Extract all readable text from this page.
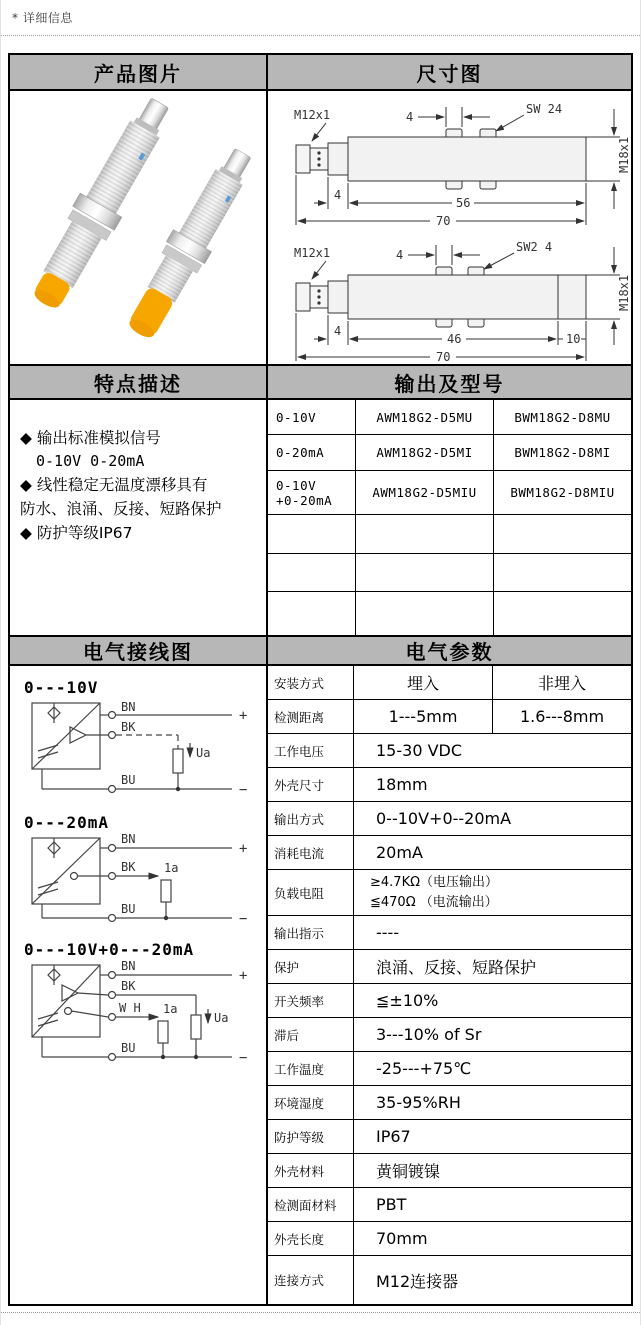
* 详细信息
产品图片	尺寸图
M12x1	4
SW 24
M18x1
4
56
70
M12x1	4
SW2 4
M18x1
4
46	10
70
特点描述	输出及型号
◆ 输出标准模拟信号
0-10V 0-20mA
◆ 线性稳定无温度漂移具有
防水、浪涌、反接、短路保护
◆ 防护等级IP67
0-10V	AWM18G2-D5MU	BWM18G2-D8MU
0-20mA	AWM18G2-D5MI	BWM18G2-D8MI
0-10V
+0-20mA	AWM18G2-D5MIU	BWM18G2-D8MIU
电气接线图	电气参数
0---10V
BN
BK
BU
Ua
+
−
0---20mA
BN
BK
BU
1a
+
−
0---10V+0---20mA
BN
BK
W H
BU
1a
Ua
+
−
安装方式	埋入	非埋入
检测距离	1---5mm	1.6---8mm
工作电压	15-30 VDC
外壳尺寸	18mm
输出方式	0--10V+0--20mA
消耗电流	20mA
负载电阻
≥4.7KΩ（电压输出）
≦470Ω （电流输出）
输出指示	----
保护	浪涌、反接、短路保护
开关频率	≦±10%
滞后	3---10% of Sr
工作温度	-25---+75℃
环境湿度	35-95%RH
防护等级	IP67
外壳材料	黄铜镀镍
检测面材料	PBT
外壳长度	70mm
连接方式	M12连接器
